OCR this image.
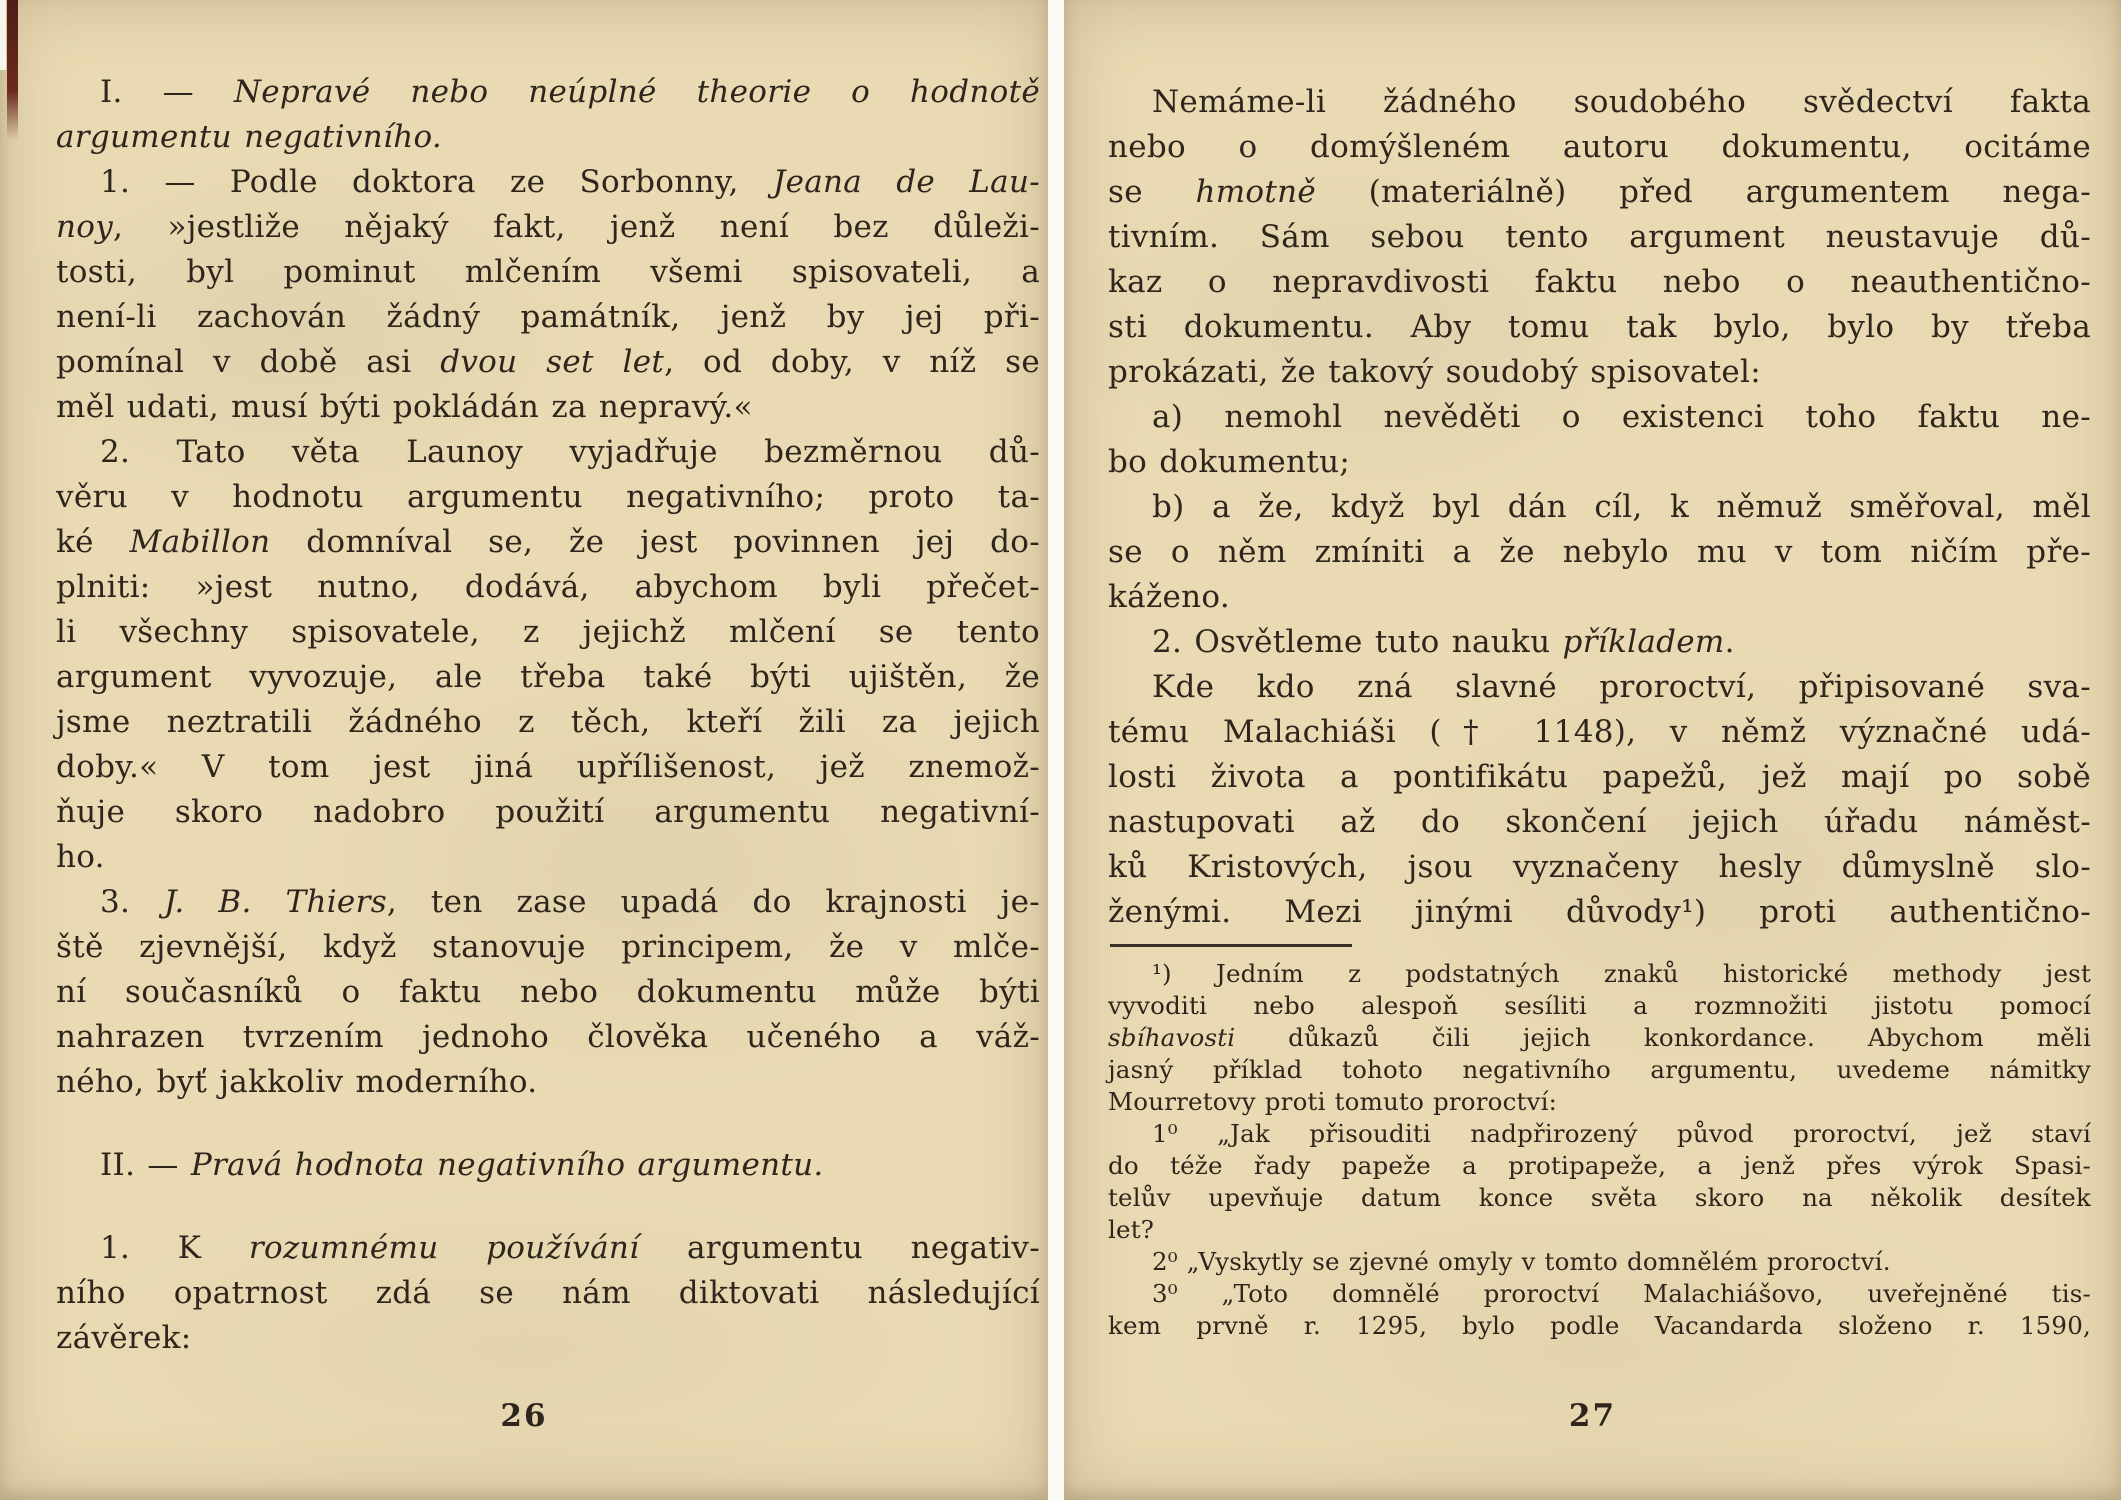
I. — Nepravé nebo neúplné theorie o hodnotě
argumentu negativního.
1. — Podle doktora ze Sorbonny, Jeana de Lau-
noy, »jestliže nějaký fakt, jenž není bez důleži-
tosti, byl pominut mlčením všemi spisovateli, a
není-li zachován žádný památník, jenž by jej při-
pomínal v době asi dvou set let, od doby, v níž se
měl udati, musí býti pokládán za nepravý.«
2. Tato věta Launoy vyjadřuje bezměrnou dů-
věru v hodnotu argumentu negativního; proto ta-
ké Mabillon domníval se, že jest povinnen jej do-
plniti: »jest nutno, dodává, abychom byli přečet-
li všechny spisovatele, z jejichž mlčení se tento
argument vyvozuje, ale třeba také býti ujištěn, že
jsme neztratili žádného z těch, kteří žili za jejich
doby.« V tom jest jiná upřílišenost, jež znemož-
ňuje skoro nadobro použití argumentu negativní-
ho.
3. J. B. Thiers, ten zase upadá do krajnosti je-
ště zjevnější, když stanovuje principem, že v mlče-
ní současníků o faktu nebo dokumentu může býti
nahrazen tvrzením jednoho člověka učeného a váž-
ného, byť jakkoliv moderního.
II. — Pravá hodnota negativního argumentu.
1. K rozumnému používání argumentu negativ-
ního opatrnost zdá se nám diktovati následující
závěrek:
26
Nemáme-li žádného soudobého svědectví fakta
nebo o domýšleném autoru dokumentu, ocitáme
se hmotně (materiálně) před argumentem nega-
tivním. Sám sebou tento argument neustavuje dů-
kaz o nepravdivosti faktu nebo o neauthentično-
sti dokumentu. Aby tomu tak bylo, bylo by třeba
prokázati, že takový soudobý spisovatel:
a) nemohl nevěděti o existenci toho faktu ne-
bo dokumentu;
b) a že, když byl dán cíl, k němuž směřoval, měl
se o něm zmíniti a že nebylo mu v tom ničím pře-
káženo.
2. Osvětleme tuto nauku příkladem.
Kde kdo zná slavné proroctví, připisované sva-
tému Malachiáši († 1148), v němž význačné udá-
losti života a pontifikátu papežů, jež mají po sobě
nastupovati až do skončení jejich úřadu náměst-
ků Kristových, jsou vyznačeny hesly důmyslně slo-
ženými. Mezi jinými důvody¹) proti authentično-
¹) Jedním z podstatných znaků historické methody jest
vyvoditi nebo alespoň sesíliti a rozmnožiti jistotu pomocí
sbíhavosti důkazů čili jejich konkordance. Abychom měli
jasný příklad tohoto negativního argumentu, uvedeme námitky
Mourretovy proti tomuto proroctví:
1⁰ „Jak přisouditi nadpřirozený původ proroctví, jež staví
do téže řady papeže a protipapeže, a jenž přes výrok Spasi-
telův upevňuje datum konce světa skoro na několik desítek
let?
2⁰ „Vyskytly se zjevné omyly v tomto domnělém proroctví.
3⁰ „Toto domnělé proroctví Malachiášovo, uveřejněné tis-
kem prvně r. 1295, bylo podle Vacandarda složeno r. 1590,
27
